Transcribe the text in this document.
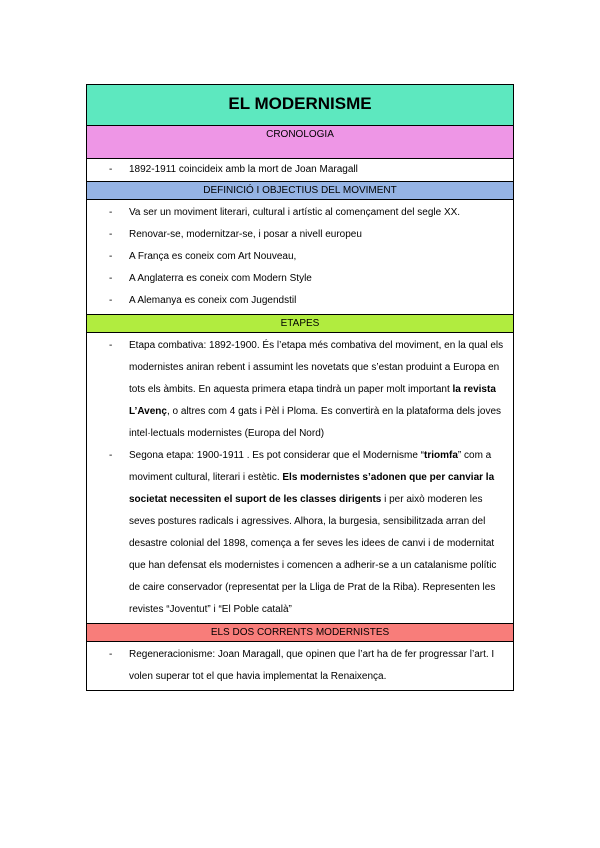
EL MODERNISME
CRONOLOGIA
- 1892-1911 coincideix amb la mort de Joan Maragall
DEFINICIÓ I OBJECTIUS DEL MOVIMENT
- Va ser un moviment literari, cultural i artístic al començament del segle XX.
- Renovar-se, modernitzar-se, i posar a nivell europeu
- A França es coneix com Art Nouveau,
- A Anglaterra es coneix com Modern Style
- A Alemanya es coneix com Jugendstil
ETAPES
- Etapa combativa: 1892-1900. És l’etapa més combativa del moviment, en la qual els modernistes aniran rebent i assumint les novetats que s’estan produint a Europa en tots els àmbits. En aquesta primera etapa tindrà un paper molt important la revista L’Avenç, o altres com 4 gats i Pèl i Ploma. Es convertirà en la plataforma dels joves intel·lectuals modernistes (Europa del Nord)
- Segona etapa: 1900-1911 . Es pot considerar que el Modernisme “triomfa” com a moviment cultural, literari i estètic. Els modernistes s’adonen que per canviar la societat necessiten el suport de les classes dirigents i per això moderen les seves postures radicals i agressives. Alhora, la burgesia, sensibilitzada arran del desastre colonial del 1898, comença a fer seves les idees de canvi i de modernitat que han defensat els modernistes i comencen a adherir-se a un catalanisme polític de caire conservador (representat per la Lliga de Prat de la Riba). Representen les revistes “Joventut” i “El Poble català”
ELS DOS CORRENTS MODERNISTES
- Regeneracionisme: Joan Maragall, que opinen que l’art ha de fer progressar l’art. I volen superar tot el que havia implementat la Renaixença.
